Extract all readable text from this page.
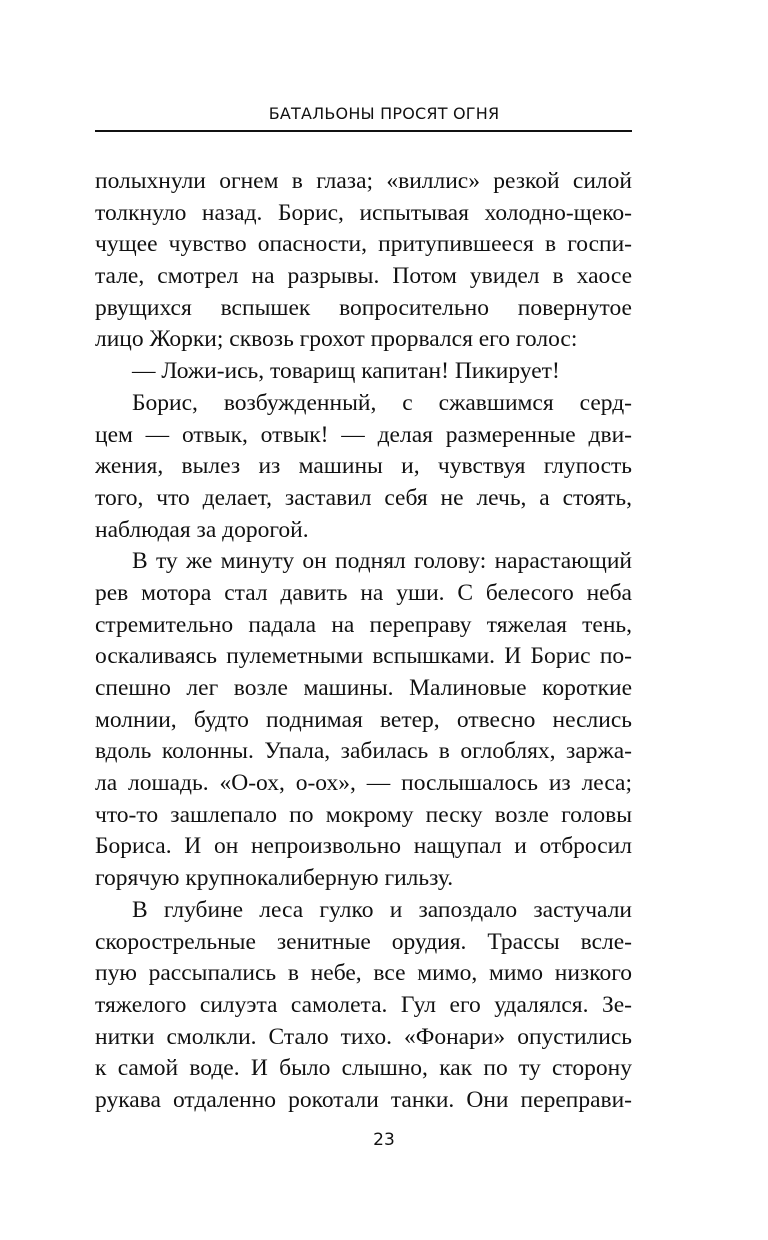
БАТАЛЬОНЫ ПРОСЯТ ОГНЯ
полыхнули огнем в глаза; «виллис» резкой силой
толкнуло назад. Борис, испытывая холодно-щеко-
чущее чувство опасности, притупившееся в госпи-
тале, смотрел на разрывы. Потом увидел в хаосе
рвущихся вспышек вопросительно повернутое
лицо Жорки; сквозь грохот прорвался его голос:
— Ложи-ись, товарищ капитан! Пикирует!
Борис, возбужденный, с сжавшимся серд-
цем — отвык, отвык! — делая размеренные дви-
жения, вылез из машины и, чувствуя глупость
того, что делает, заставил себя не лечь, а стоять,
наблюдая за дорогой.
В ту же минуту он поднял голову: нарастающий
рев мотора стал давить на уши. С белесого неба
стремительно падала на переправу тяжелая тень,
оскаливаясь пулеметными вспышками. И Борис по-
спешно лег возле машины. Малиновые короткие
молнии, будто поднимая ветер, отвесно неслись
вдоль колонны. Упала, забилась в оглоблях, заржа-
ла лошадь. «О-ох, о-ох», — послышалось из леса;
что-то зашлепало по мокрому песку возле головы
Бориса. И он непроизвольно нащупал и отбросил
горячую крупнокалиберную гильзу.
В глубине леса гулко и запоздало застучали
скорострельные зенитные орудия. Трассы всле-
пую рассыпались в небе, все мимо, мимо низкого
тяжелого силуэта самолета. Гул его удалялся. Зе-
нитки смолкли. Стало тихо. «Фонари» опустились
к самой воде. И было слышно, как по ту сторону
рукава отдаленно рокотали танки. Они переправи-
23
